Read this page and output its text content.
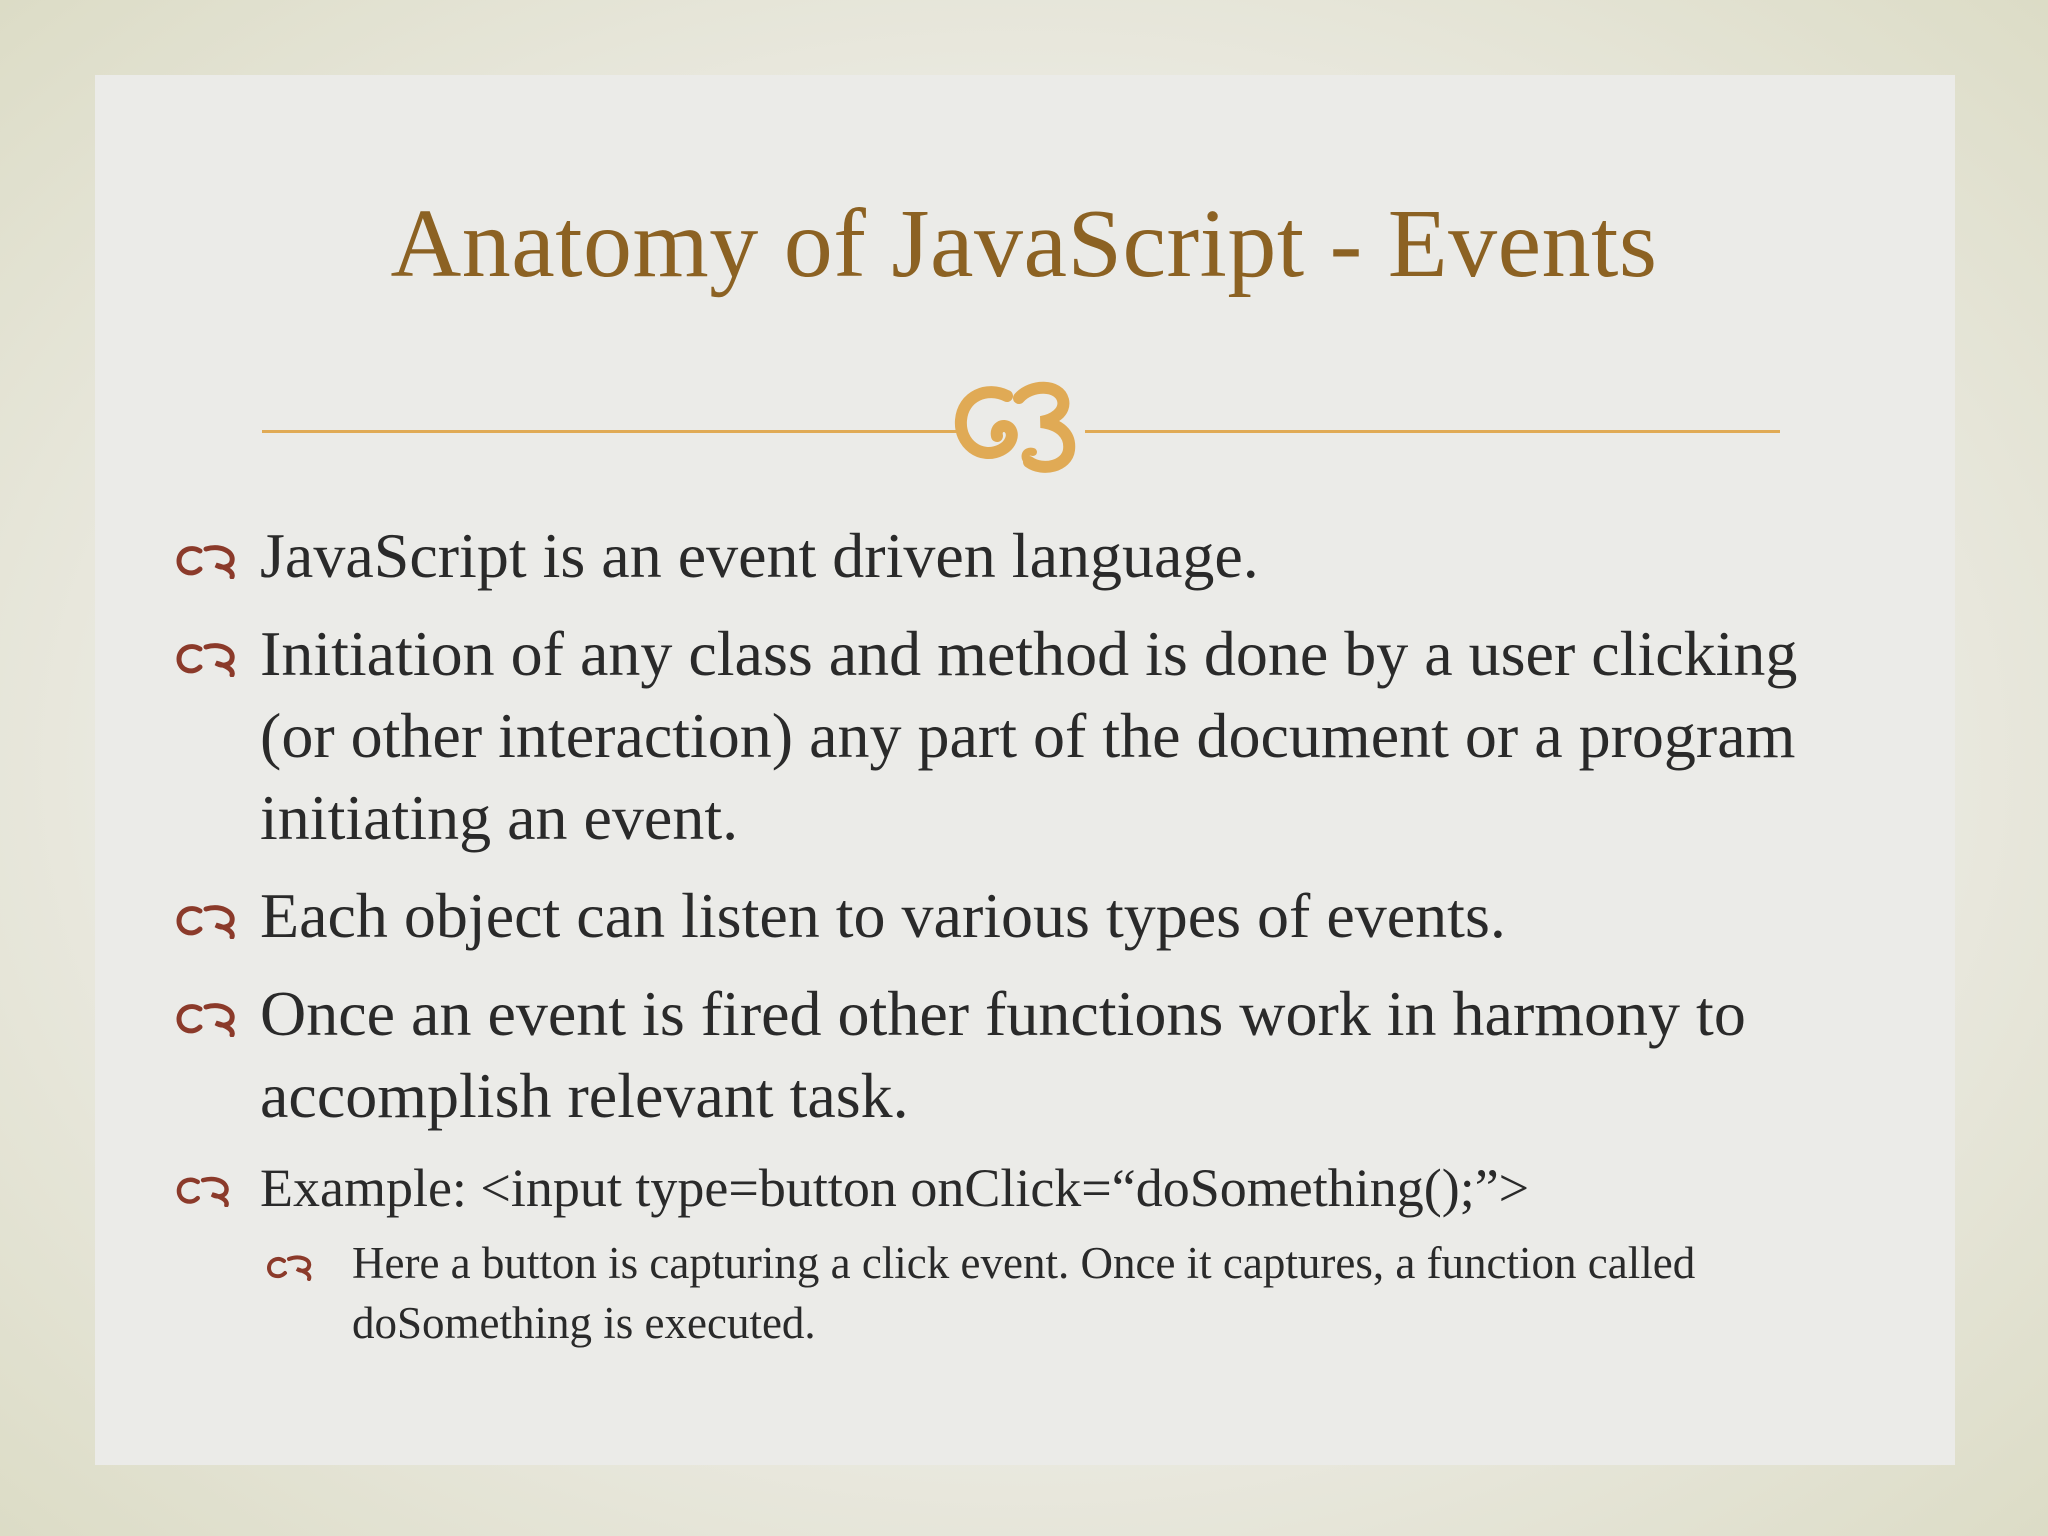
Anatomy of JavaScript - Events
JavaScript is an event driven language.
Initiation of any class and method is done by a user clicking (or other interaction) any part of the document or a program initiating an event.
Each object can listen to various types of events.
Once an event is fired other functions work in harmony to accomplish relevant task.
Example: <input type=button onClick=“doSomething();”>
Here a button is capturing a click event. Once it captures, a function called doSomething is executed.
